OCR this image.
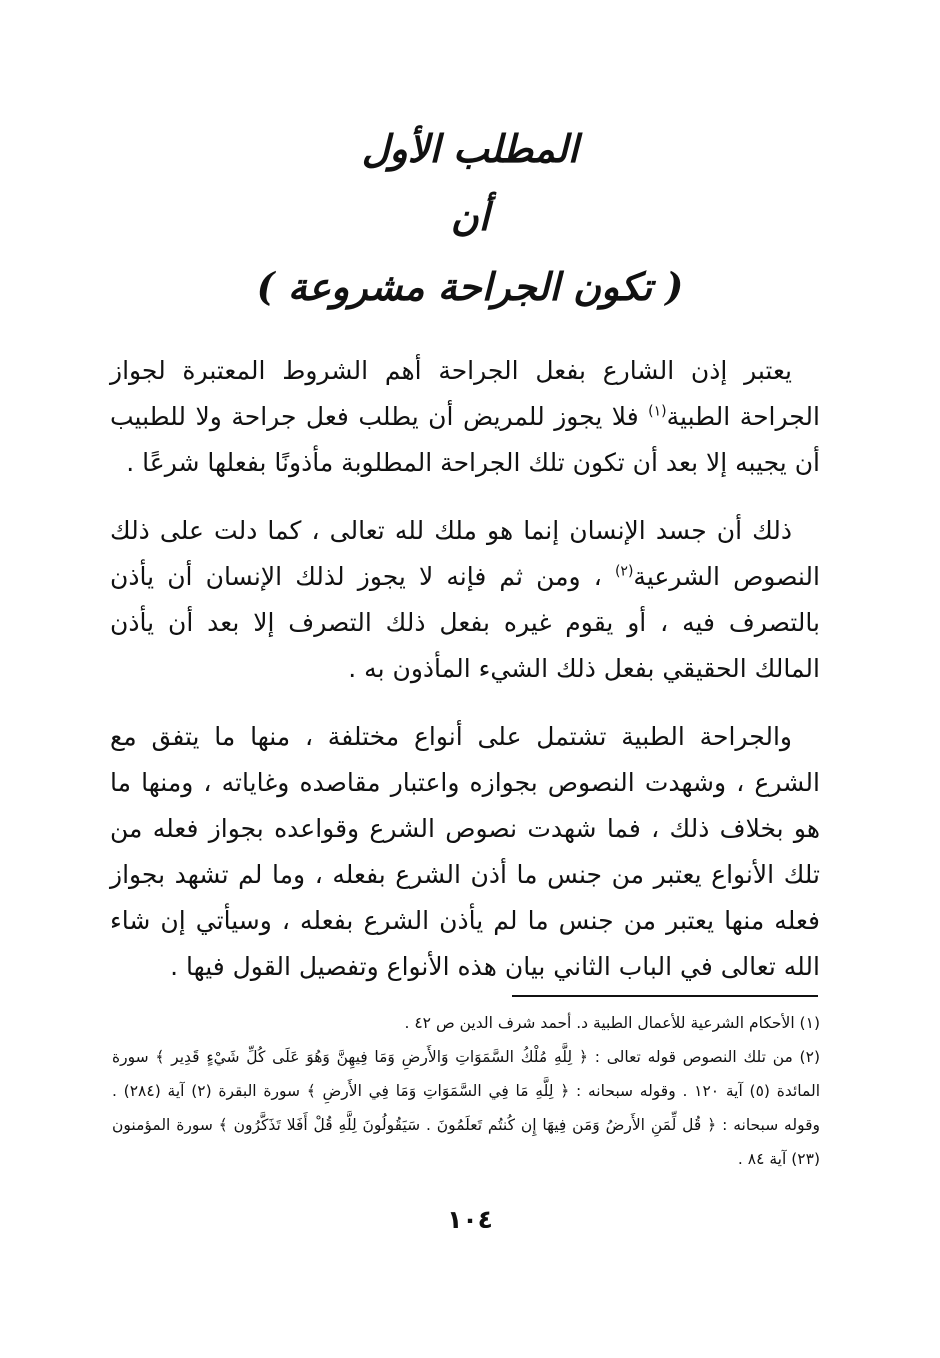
المطلب الأول
أن
( تكون الجراحة مشروعة )

يعتبر إذن الشارع بفعل الجراحة أهم الشروط المعتبرة لجواز الجراحة الطبية$^{(١)}$ فلا يجوز للمريض أن يطلب فعل جراحة ولا للطبيب أن يجيبه إلا بعد أن تكون تلك الجراحة المطلوبة مأذونًا بفعلها شرعًا .

ذلك أن جسد الإنسان إنما هو ملك لله تعالى ، كما دلت على ذلك النصوص الشرعية$^{(٢)}$ ، ومن ثم فإنه لا يجوز لذلك الإنسان أن يأذن بالتصرف فيه ، أو يقوم غيره بفعل ذلك التصرف إلا بعد أن يأذن المالك الحقيقي بفعل ذلك الشيء المأذون به .

والجراحة الطبية تشتمل على أنواع مختلفة ، منها ما يتفق مع الشرع ، وشهدت النصوص بجوازه واعتبار مقاصده وغاياته ، ومنها ما هو بخلاف ذلك ، فما شهدت نصوص الشرع وقواعده بجواز فعله من تلك الأنواع يعتبر من جنس ما أذن الشرع بفعله ، وما لم تشهد بجواز فعله منها يعتبر من جنس ما لم يأذن الشرع بفعله ، وسيأتي إن شاء الله تعالى في الباب الثاني بيان هذه الأنواع وتفصيل القول فيها .

(١) الأحكام الشرعية للأعمال الطبية د. أحمد شرف الدين ص ٤٢ .

(٢) من تلك النصوص قوله تعالى : ﴿ لِلَّهِ مُلْكُ السَّمَوَاتِ وَالأَرضِ وَمَا فِيهِنَّ وَهُوَ عَلَى كُلِّ شَيْءٍ قَدِير ﴾ سورة المائدة (٥) آية ١٢٠ . وقوله سبحانه : ﴿ لِلَّهِ مَا فِي السَّمَوَاتِ وَمَا فِي الأَرضِ ﴾ سورة البقرة (٢) آية (٢٨٤) . وقوله سبحانه : ﴿ قُل لِّمَنِ الأَرضُ وَمَن فِيهَا إِن كُنتُم تَعلَمُونَ . سَيَقُولُونَ لِلَّهِ قُلْ أَفَلا تَذَكَّرُون ﴾ سورة المؤمنون (٢٣) آية ٨٤ .

١٠٤
